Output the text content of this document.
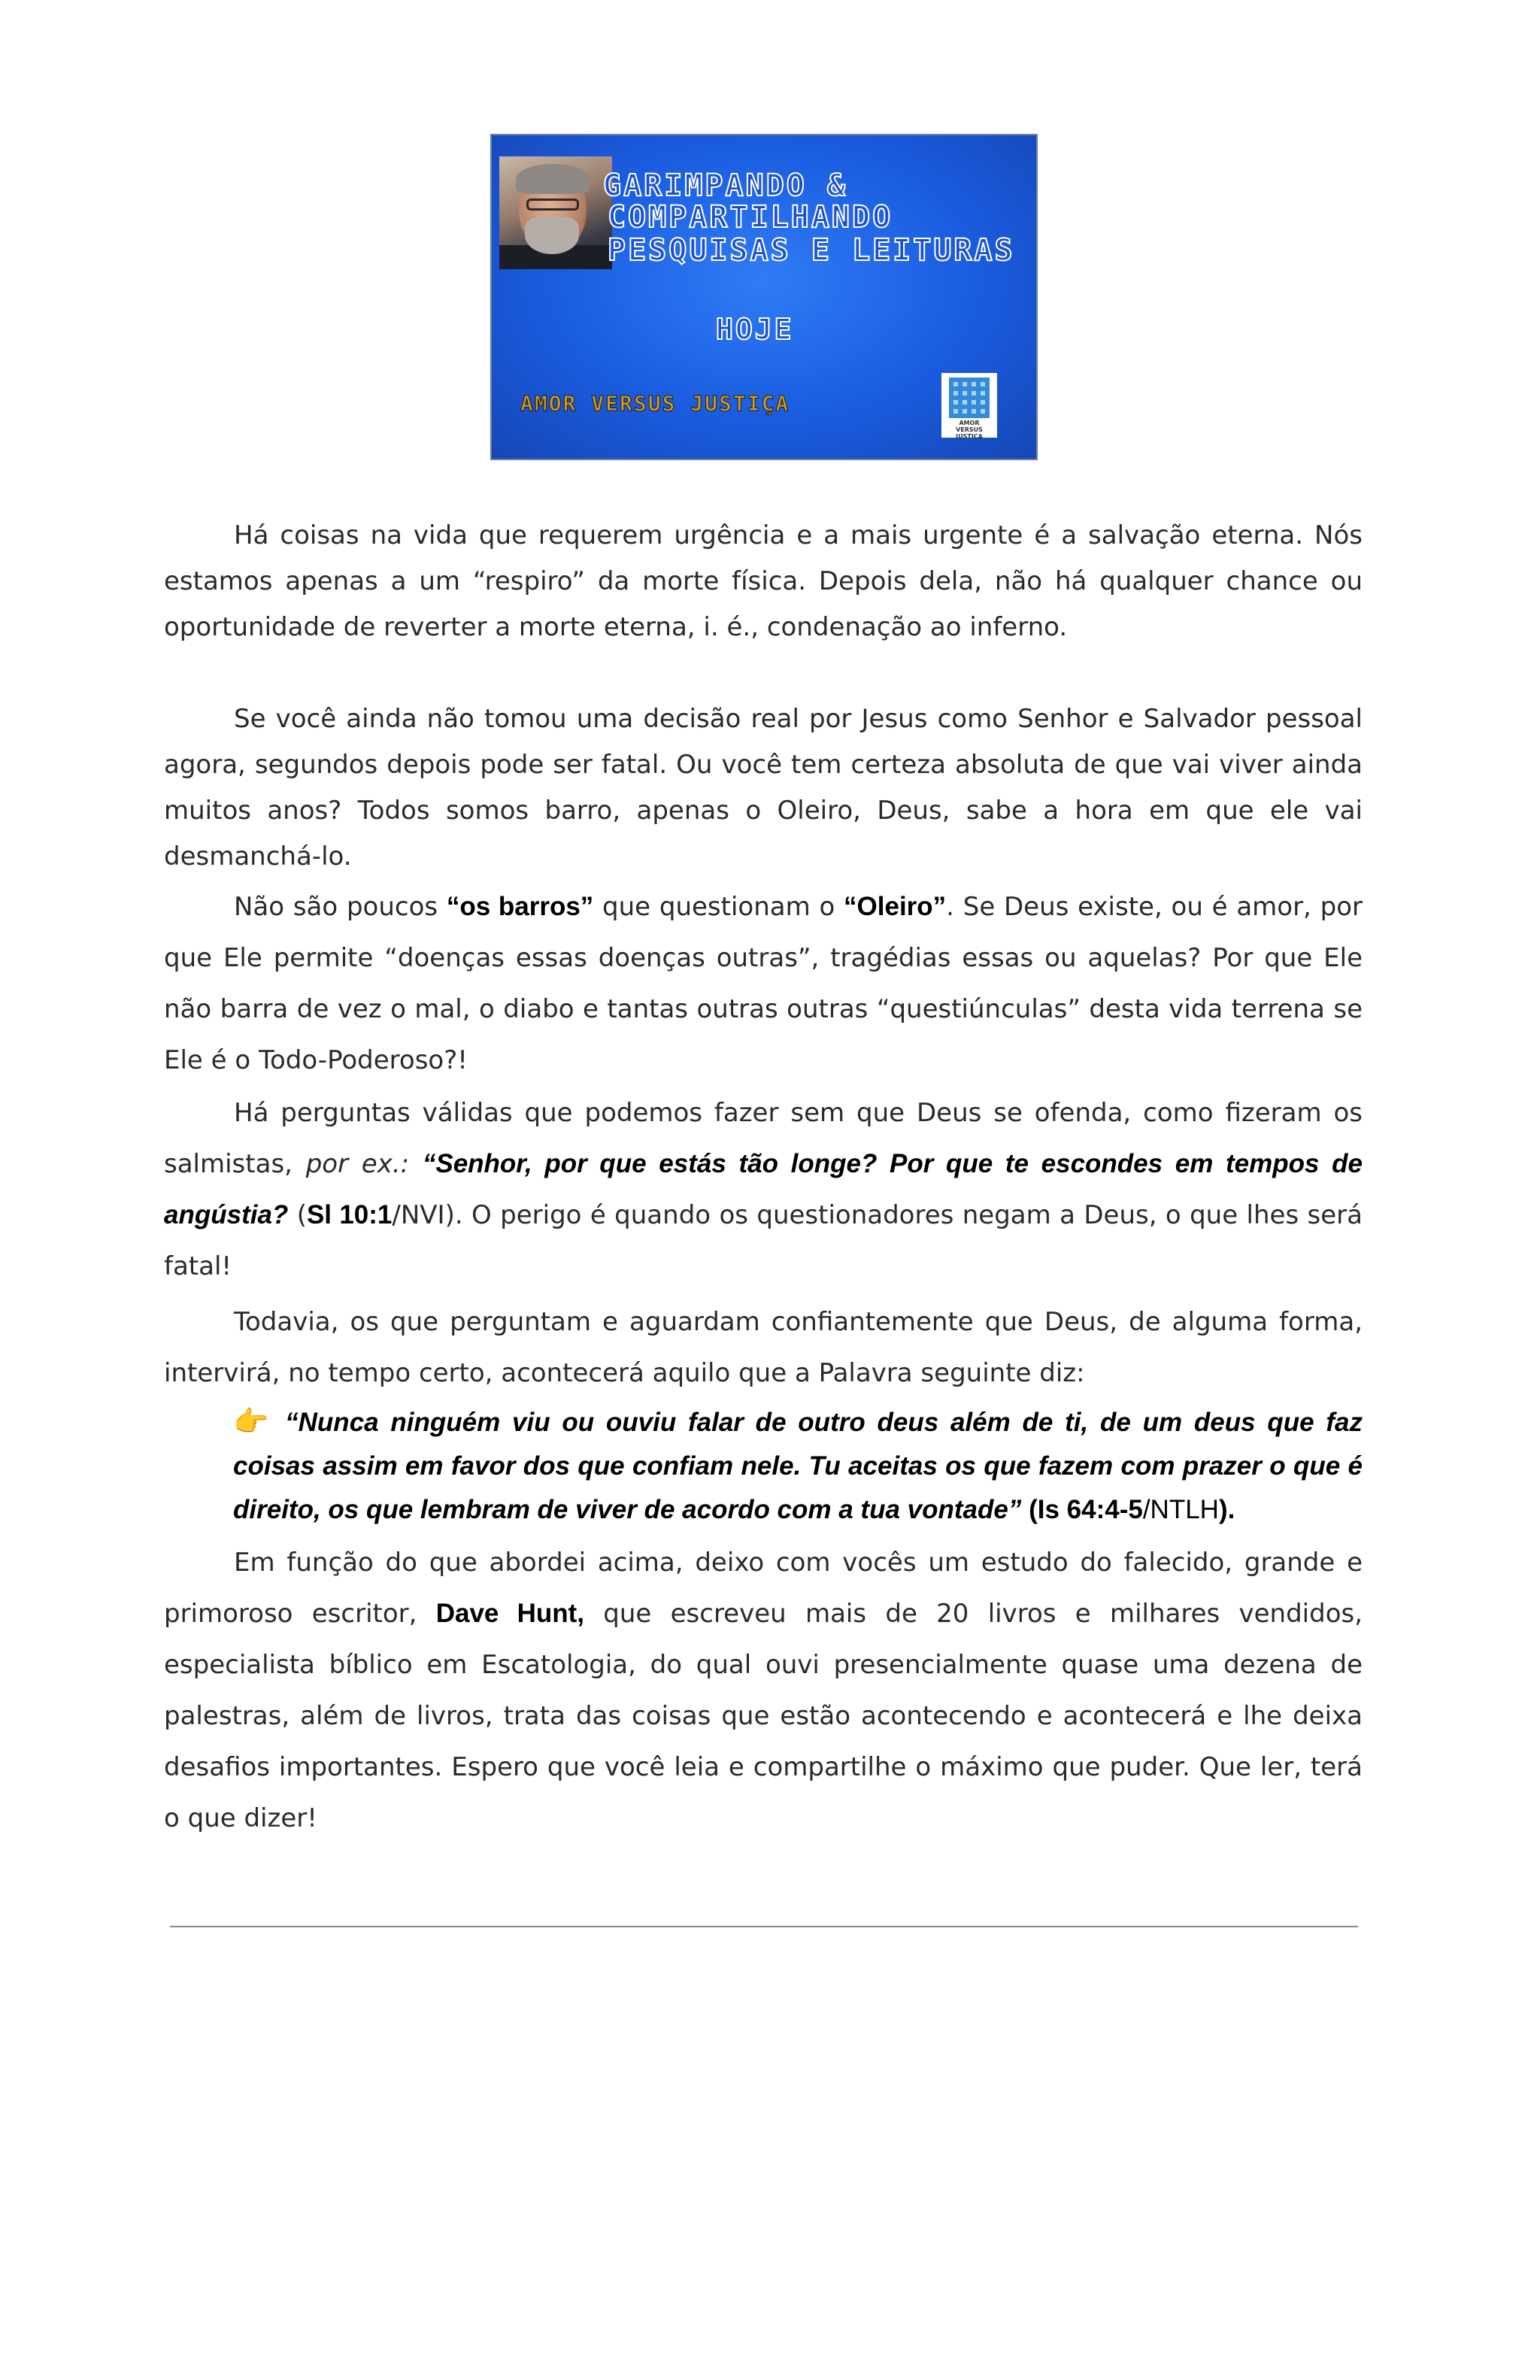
GARIMPANDO &
COMPARTILHANDO
PESQUISAS E LEITURAS
HOJE
AMOR VERSUS JUSTIÇA
AMOR
VERSUS JUSTIÇA

Há coisas na vida que requerem urgência e a mais urgente é a salvação eterna. Nós estamos apenas a um “respiro” da morte física. Depois dela, não há qualquer chance ou oportunidade de reverter a morte eterna, i. é., condenação ao inferno.

Se você ainda não tomou uma decisão real por Jesus como Senhor e Salvador pessoal agora, segundos depois pode ser fatal. Ou você tem certeza absoluta de que vai viver ainda muitos anos? Todos somos barro, apenas o Oleiro, Deus, sabe a hora em que ele vai desmanchá-lo.

Não são poucos “os barros” que questionam o “Oleiro”. Se Deus existe, ou é amor, por que Ele permite “doenças essas doenças outras”, tragédias essas ou aquelas? Por que Ele não barra de vez o mal, o diabo e tantas outras outras “questiúnculas” desta vida terrena se Ele é o Todo-Poderoso?!

Há perguntas válidas que podemos fazer sem que Deus se ofenda, como fizeram os salmistas, por ex.: “Senhor, por que estás tão longe? Por que te escondes em tempos de angústia? (Sl 10:1/NVI). O perigo é quando os questionadores negam a Deus, o que lhes será fatal!

Todavia, os que perguntam e aguardam confiantemente que Deus, de alguma forma, intervirá, no tempo certo, acontecerá aquilo que a Palavra seguinte diz:

👉 “Nunca ninguém viu ou ouviu falar de outro deus além de ti, de um deus que faz coisas assim em favor dos que confiam nele. Tu aceitas os que fazem com prazer o que é direito, os que lembram de viver de acordo com a tua vontade” (Is 64:4-5/NTLH).

Em função do que abordei acima, deixo com vocês um estudo do falecido, grande e primoroso escritor, Dave Hunt, que escreveu mais de 20 livros e milhares vendidos, especialista bíblico em Escatologia, do qual ouvi presencialmente quase uma dezena de palestras, além de livros, trata das coisas que estão acontecendo e acontecerá e lhe deixa desafios importantes. Espero que você leia e compartilhe o máximo que puder. Que ler, terá o que dizer!
